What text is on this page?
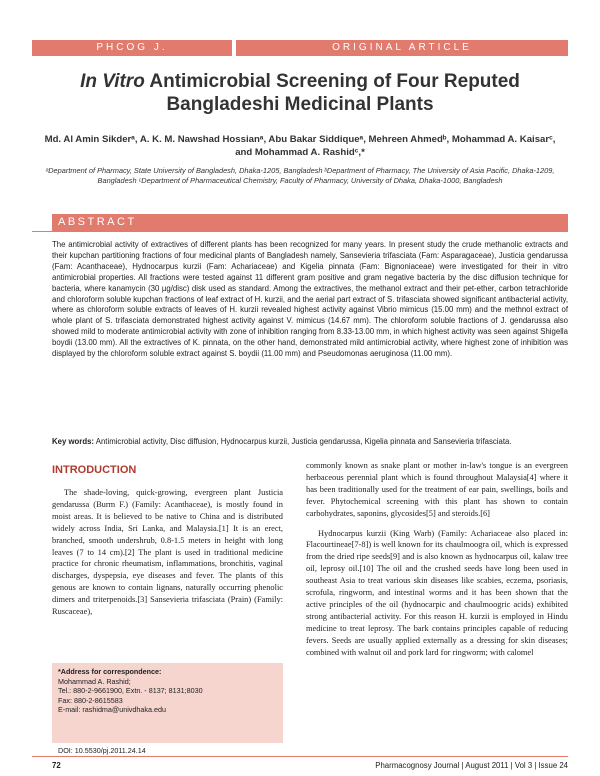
PHCOG J.	ORIGINAL ARTICLE
In Vitro Antimicrobial Screening of Four Reputed Bangladeshi Medicinal Plants
Md. Al Amin Sikderᵃ, A. K. M. Nawshad Hossianᵃ, Abu Bakar Siddiqueᵃ, Mehreen Ahmedᵇ, Mohammad A. Kaisarᶜ, and Mohammad A. Rashidᶜ,*
ᵃDepartment of Pharmacy, State University of Bangladesh, Dhaka-1205, Bangladesh ᵇDepartment of Pharmacy, The University of Asia Pacific, Dhaka-1209, Bangladesh ᶜDepartment of Pharmaceutical Chemistry, Faculty of Pharmacy, University of Dhaka, Dhaka-1000, Bangladesh
ABSTRACT
The antimicrobial activity of extractives of different plants has been recognized for many years. In present study the crude methanolic extracts and their kupchan partitioning fractions of four medicinal plants of Bangladesh namely, Sansevieria trifasciata (Fam: Asparagaceae), Justicia gendarussa (Fam: Acanthaceae), Hydnocarpus kurzii (Fam: Achariaceae) and Kigelia pinnata (Fam: Bignoniaceae) were investigated for their in vitro antimicrobial properties. All fractions were tested against 11 different gram positive and gram negative bacteria by the disc diffusion technique for bacteria, where kanamycin (30 µg/disc) disk used as standard. Among the extractives, the methanol extract and their pet-ether, carbon tetrachloride and chloroform soluble kupchan fractions of leaf extract of H. kurzii, and the aerial part extract of S. trifasciata showed significant antibacterial activity, where as chloroform soluble extracts of leaves of H. kurzii revealed highest activity against Vibrio mimicus (15.00 mm) and the methnol extract of whole plant of S. trifasciata demonstrated highest activity against V. mimicus (14.67 mm). The chloroform soluble fractions of J. gendarussa also showed mild to moderate antimicrobial activity with zone of inhibition ranging from 8.33-13.00 mm, in which highest activity was seen against Shigella boydii (13.00 mm). All the extractives of K. pinnata, on the other hand, demonstrated mild antimicrobial activity, where highest zone of inhibition was displayed by the chloroform soluble extract against S. boydii (11.00 mm) and Pseudomonas aeruginosa (11.00 mm).
Key words: Antimicrobial activity, Disc diffusion, Hydnocarpus kurzii, Justicia gendarussa, Kigelia pinnata and Sansevieria trifasciata.
INTRODUCTION

The shade-loving, quick-growing, evergreen plant Justicia gendarussa (Burm F.) (Family: Acanthaceae), is mostly found in moist areas. It is believed to be native to China and is distributed widely across India, Sri Lanka, and Malaysia.[1] It is an erect, branched, smooth undershrub, 0.8-1.5 meters in height with long leaves (7 to 14 cm).[2] The plant is used in traditional medicine practice for chronic rheumatism, inflammations, bronchitis, vaginal discharges, dyspepsia, eye diseases and fever. The plants of this genous are known to contain lignans, naturally occurring phenolic dimers and triterpenoids.[3] Sansevieria trifasciata (Prain) (Family: Ruscaceae),

commonly known as snake plant or mother in-law's tongue is an evergreen herbaceous perennial plant which is found throughout Malaysia[4] where it has been traditionally used for the treatment of ear pain, swellings, boils and fever. Phytochemical screening with this plant has shown to contain carbohydrates, saponins, glycosides[5] and steroids.[6]

Hydnocarpus kurzii (King Warb) (Family: Achariaceae also placed in: Flacourtineae[7-8]) is well known for its chaulmoogra oil, which is expressed from the dried ripe seeds[9] and is also known as hydnocarpus oil, kalaw tree oil, leprosy oil.[10] The oil and the crushed seeds have long been used in southeast Asia to treat various skin diseases like scabies, eczema, psoriasis, scrofula, ringworm, and intestinal worms and it has been shown that the active principles of the oil (hydnocarpic and chaulmoogric acids) exhibited strong antibacterial activity. For this reason H. kurzii is employed in Hindu medicine to treat leprosy. The bark contains principles capable of reducing fevers. Seeds are usually applied externally as a dressing for skin diseases; combined with walnut oil and pork lard for ringworm; with calomel

*Address for correspondence:
Mohammad A. Rashid;
Tel.: 880-2-9661900, Extn. - 8137; 8131;8030
Fax: 880-2-8615583
E-mail: rashidma@univdhaka.edu
DOI: 10.5530/pj.2011.24.14
72	Pharmacognosy Journal | August 2011 | Vol 3 | Issue 24
